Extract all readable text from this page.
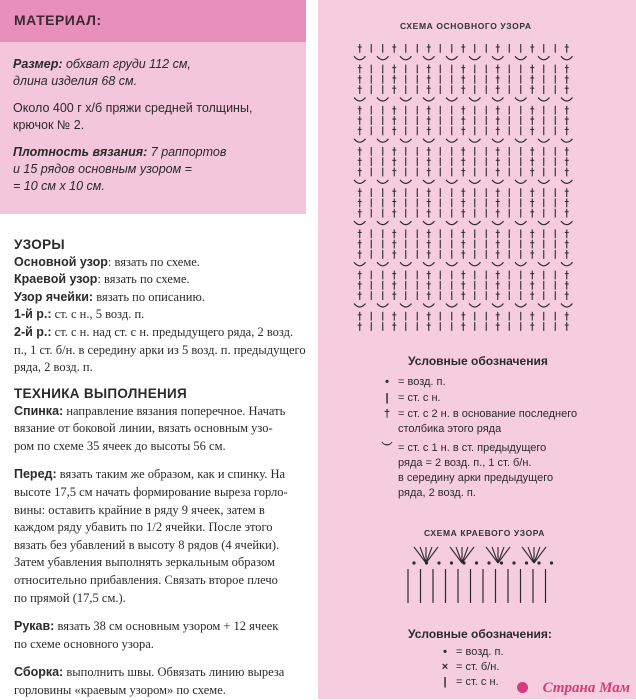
МАТЕРИАЛ:
Размер: обхват груди 112 см,
длина изделия 68 см.
Около 400 г х/б пряжи средней толщины,
крючок № 2.
Плотность вязания: 7 раппортов
и 15 рядов основным узором =
= 10 см х 10 см.
УЗОРЫ
Основной узор: вязать по схеме.
Краевой узор: вязать по схеме.
Узор ячейки: вязать по описанию.
1-й р.: ст. с н., 5 возд. п.
2-й р.: ст. с н. над ст. с н. предыдущего ряда, 2 возд.
п., 1 ст. б/н. в середину арки из 5 возд. п. предыдущего
ряда, 2 возд. п.
ТЕХНИКА ВЫПОЛНЕНИЯ
Спинка: направление вязания поперечное. Начать
вязание от боковой линии, вязать основным узо-
ром по схеме 35 ячеек до высоты 56 см.
Перед: вязать таким же образом, как и спинку. На
высоте 17,5 см начать формирование выреза горло-
вины: оставить крайние в ряду 9 ячеек, затем в
каждом ряду убавить по 1/2 ячейки. После этого
вязать без убавлений в высоту 8 рядов (4 ячейки).
Затем убавления выполнять зеркальным образом
относительно прибавления. Связать второе плечо
по прямой (17,5 см.).
Рукав: вязать 38 см основным узором + 12 ячеек
по схеме основного узора.
Сборка: выполнить швы. Обвязать линию выреза
горловины «краевым узором» по схеме.
СХЕМА ОСНОВНОГО УЗОРА
Условные обозначения
• = возд. п.
| = ст. с н.
† = ст. с 2 н. в основание последнего
столбика этого ряда
︶ = ст. с 1 н. в ст. предыдущего
ряда = 2 возд. п., 1 ст. б/н.
в середину арки предыдущего
ряда, 2 возд. п.
СХЕМА КРАЕВОГО УЗОРА
Условные обозначения:
• = возд. п.
× = ст. б/н.
| = ст. с н.	Страна Мам
